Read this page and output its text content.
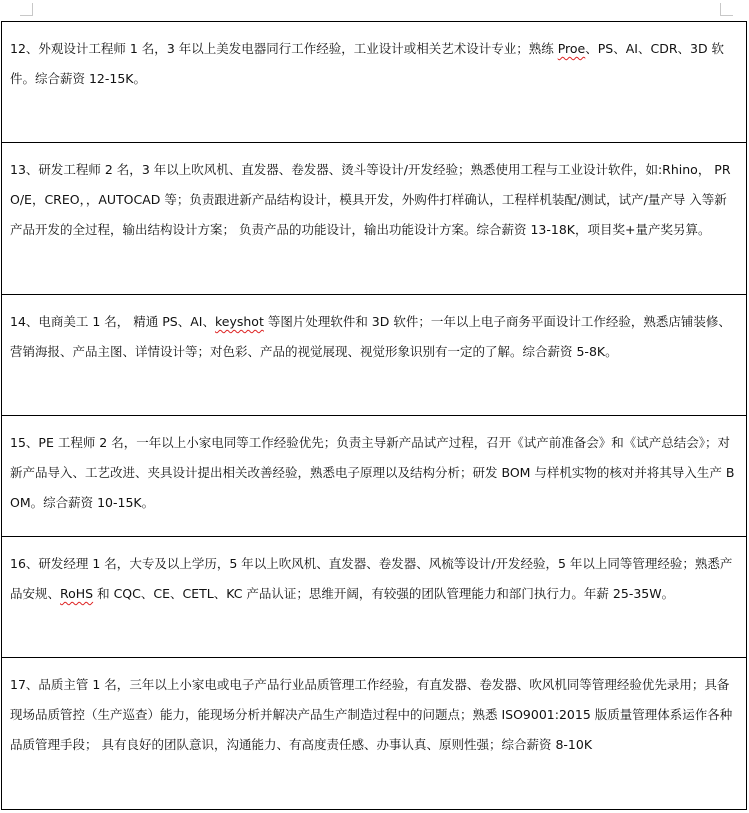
12、外观设计工程师 1 名，3 年以上美发电器同行工作经验，工业设计或相关艺术设计专业；熟练 Proe、PS、AI、CDR、3D 软件。综合薪资 12-15K。
13、研发工程师 2 名，3 年以上吹风机、直发器、卷发器、烫斗等设计/开发经验；熟悉使用工程与工业设计软件，如:Rhino， PRO/E，CREO，，AUTOCAD 等；负责跟进新产品结构设计，模具开发，外购件打样确认，工程样机装配/测试，试产/量产导 入等新产品开发的全过程，输出结构设计方案； 负责产品的功能设计，输出功能设计方案。综合薪资 13-18K，项目奖+量产奖另算。
14、电商美工 1 名， 精通 PS、AI、keyshot 等图片处理软件和 3D 软件；一年以上电子商务平面设计工作经验，熟悉店铺装修、营销海报、产品主图、详情设计等；对色彩、产品的视觉展现、视觉形象识别有一定的了解。综合薪资 5-8K。
15、PE 工程师 2 名，一年以上小家电同等工作经验优先；负责主导新产品试产过程，召开《试产前准备会》和《试产总结会》；对新产品导入、工艺改进、夹具设计提出相关改善经验，熟悉电子原理以及结构分析；研发 BOM 与样机实物的核对并将其导入生产 BOM。综合薪资 10-15K。
16、研发经理 1 名，大专及以上学历，5 年以上吹风机、直发器、卷发器、风梳等设计/开发经验，5 年以上同等管理经验；熟悉产品安规、RoHS 和 CQC、CE、CETL、KC 产品认证；思维开阔，有较强的团队管理能力和部门执行力。年薪 25-35W。
17、品质主管 1 名，三年以上小家电或电子产品行业品质管理工作经验，有直发器、卷发器、吹风机同等管理经验优先录用；具备现场品质管控（生产巡查）能力，能现场分析并解决产品生产制造过程中的问题点；熟悉 ISO9001:2015 版质量管理体系运作各种品质管理手段； 具有良好的团队意识，沟通能力、有高度责任感、办事认真、原则性强；综合薪资 8-10K
